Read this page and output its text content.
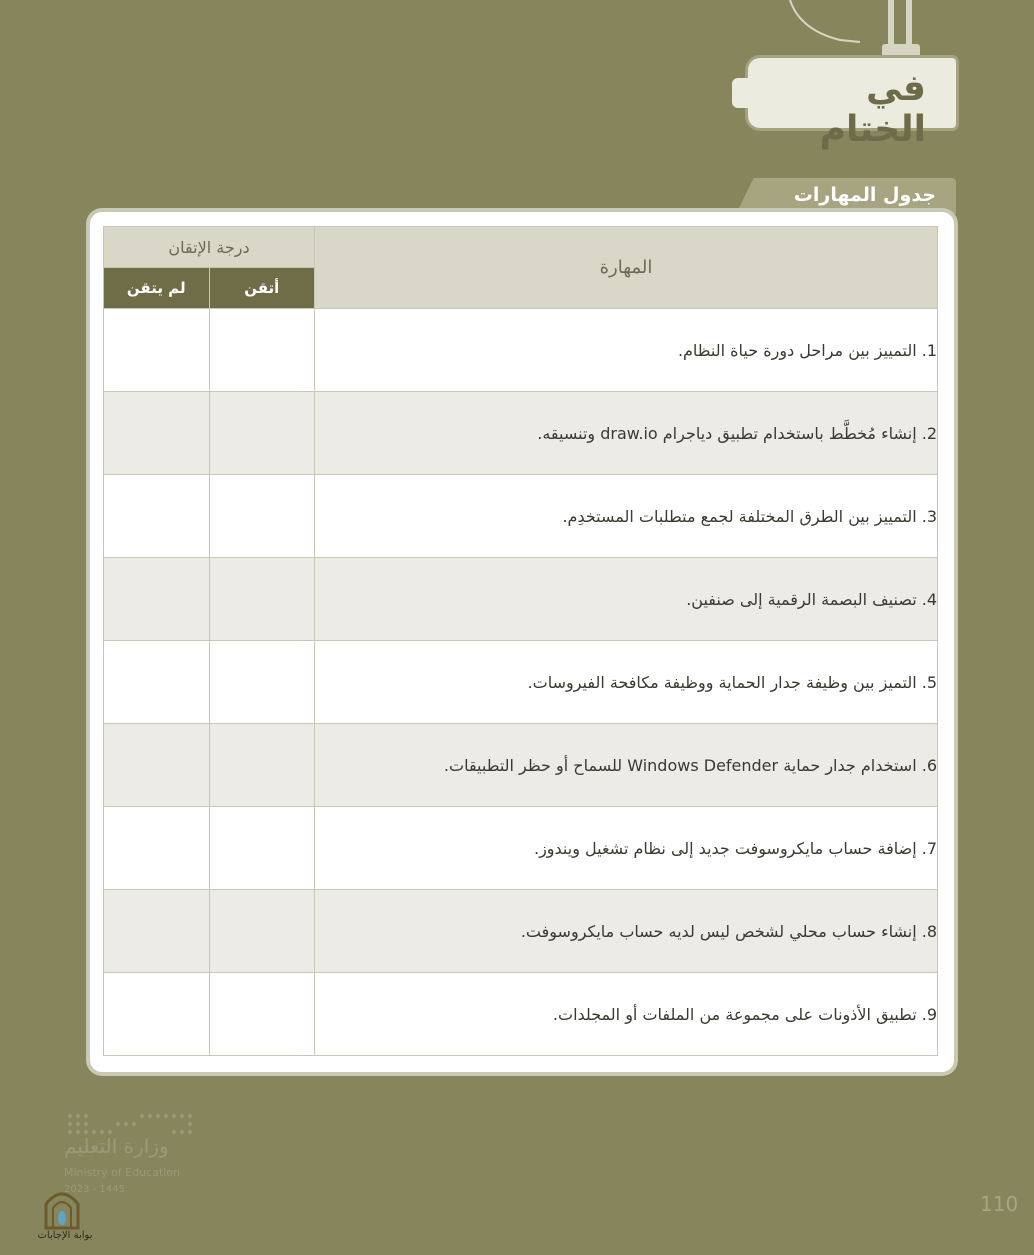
في الختام
جدول المهارات
المهارة	درجة الإتقان	
	أتقن	لم يتقن
1. التمييز بين مراحل دورة حياة النظام.		
2. إنشاء مُخطَّط باستخدام تطبيق دياجرام draw.io وتنسيقه.		
3. التمييز بين الطرق المختلفة لجمع متطلبات المستخدِم.		
4. تصنيف البصمة الرقمية إلى صنفين.		
5. التميز بين وظيفة جدار الحماية ووظيفة مكافحة الفيروسات.		
6. استخدام جدار حماية Windows Defender للسماح أو حظر التطبيقات.		
7. إضافة حساب مايكروسوفت جديد إلى نظام تشغيل ويندوز.		
8. إنشاء حساب محلي لشخص ليس لديه حساب مايكروسوفت.		
9. تطبيق الأذونات على مجموعة من الملفات أو المجلدات.		
وزارة التعليم
Ministry of Education
2023 - 1445
بوابة الإجابات
110
